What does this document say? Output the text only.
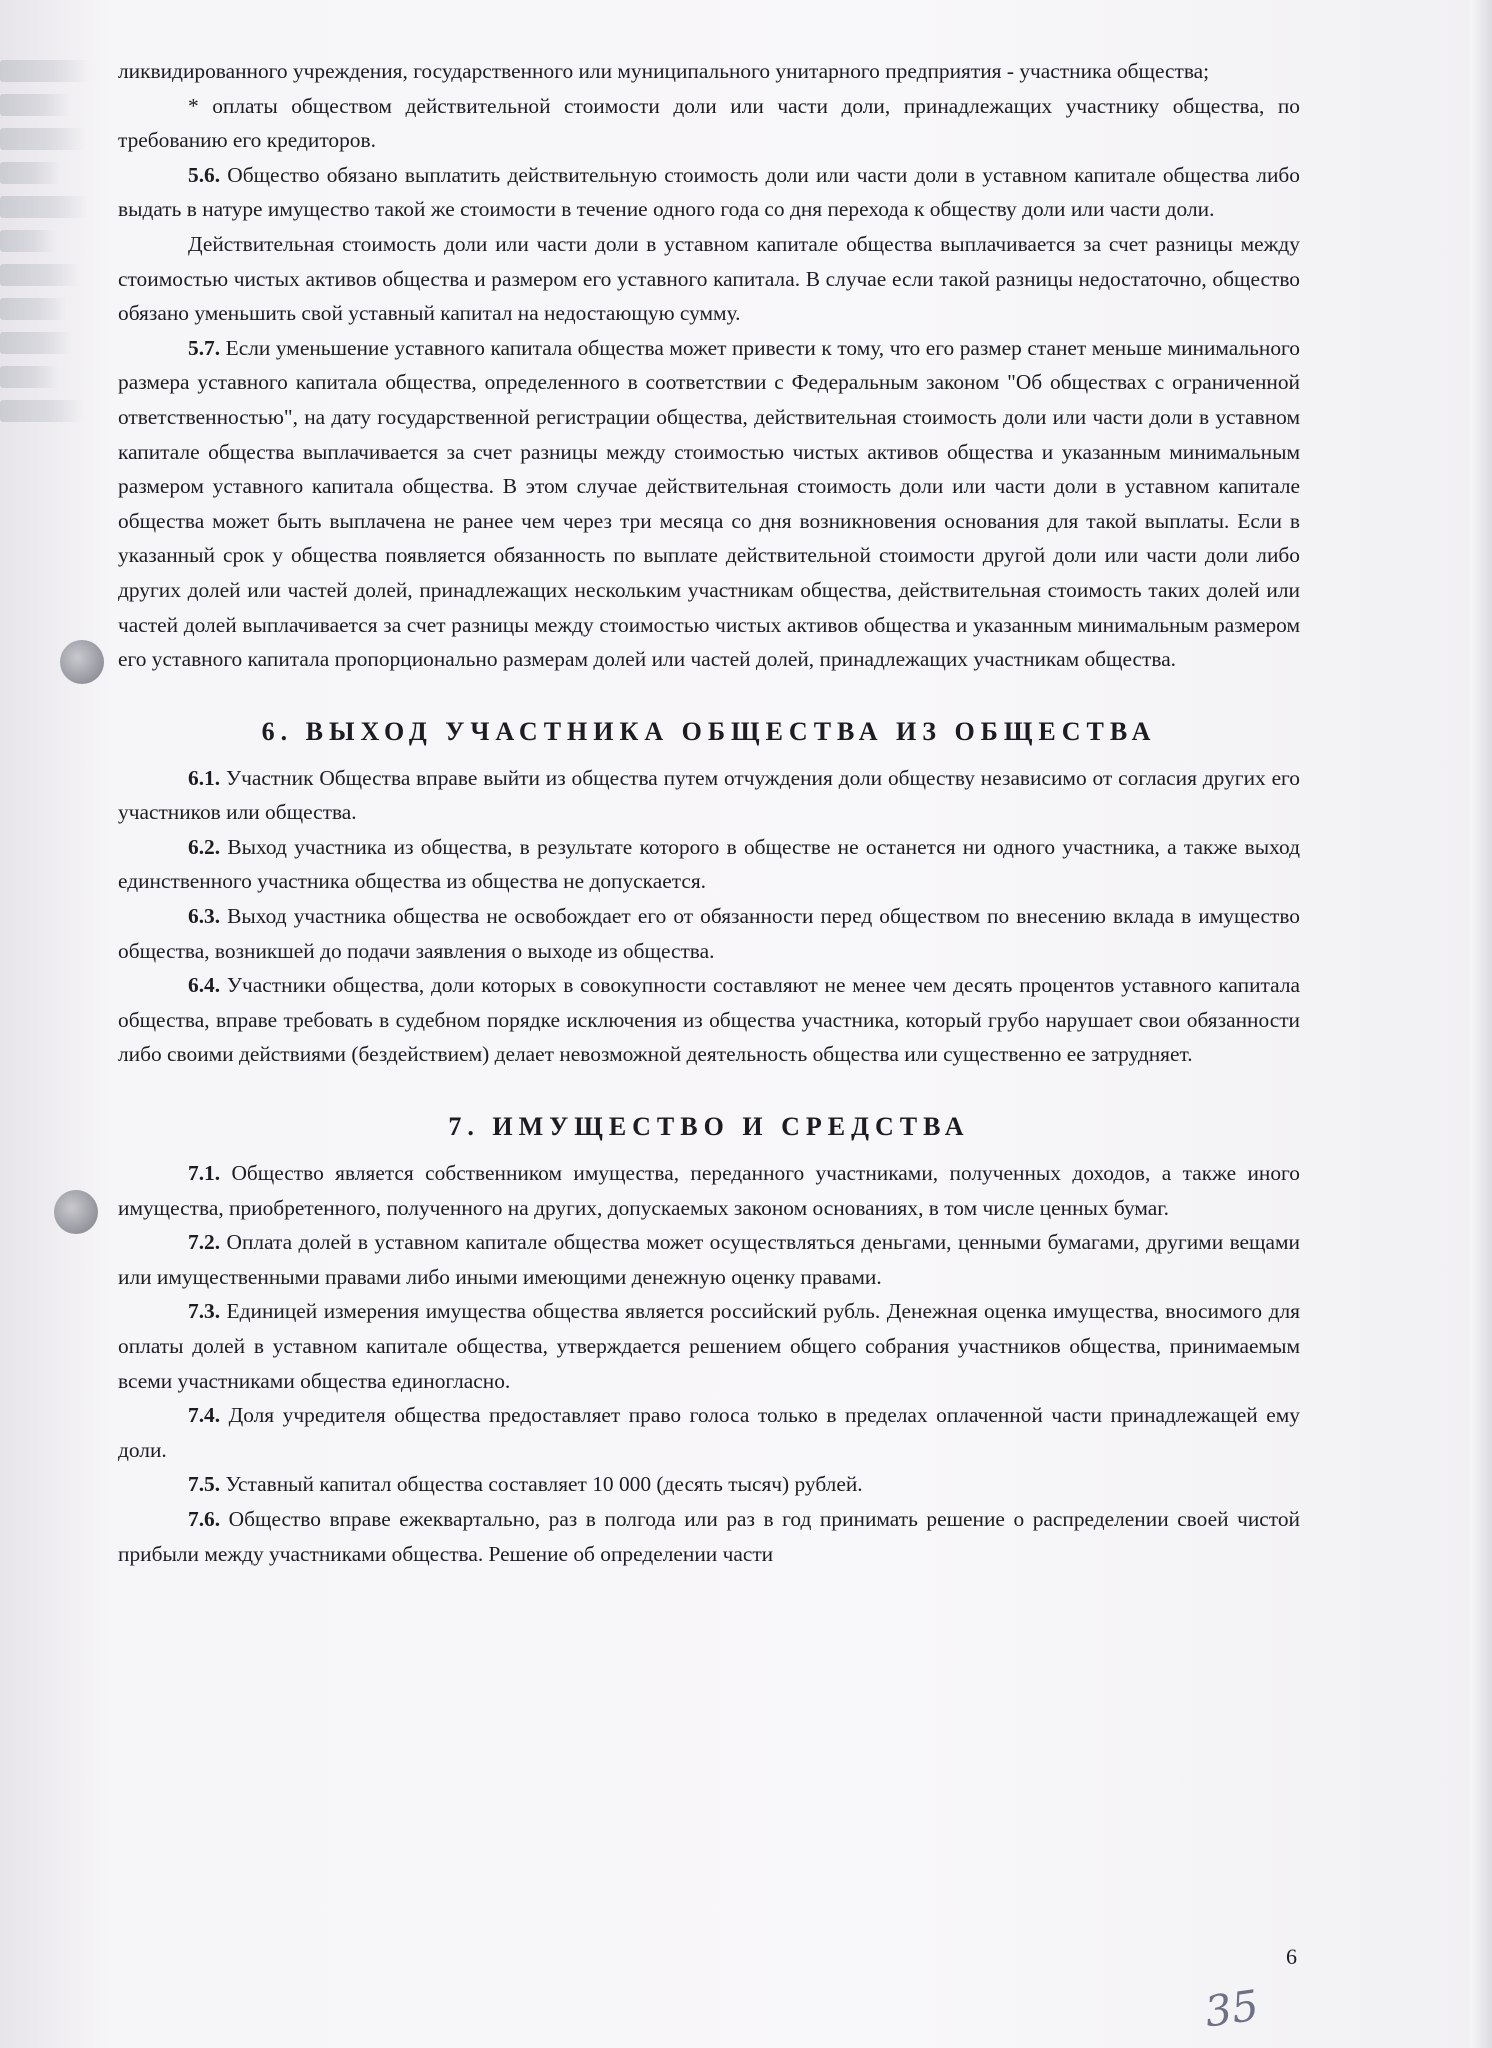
ликвидированного учреждения, государственного или муниципального унитарного предприятия - участника общества;

* оплаты обществом действительной стоимости доли или части доли, принадлежащих участнику общества, по требованию его кредиторов.

5.6. Общество обязано выплатить действительную стоимость доли или части доли в уставном капитале общества либо выдать в натуре имущество такой же стоимости в течение одного года со дня перехода к обществу доли или части доли.

Действительная стоимость доли или части доли в уставном капитале общества выплачивается за счет разницы между стоимостью чистых активов общества и размером его уставного капитала. В случае если такой разницы недостаточно, общество обязано уменьшить свой уставный капитал на недостающую сумму.

5.7. Если уменьшение уставного капитала общества может привести к тому, что его размер станет меньше минимального размера уставного капитала общества, определенного в соответствии с Федеральным законом "Об обществах с ограниченной ответственностью", на дату государственной регистрации общества, действительная стоимость доли или части доли в уставном капитале общества выплачивается за счет разницы между стоимостью чистых активов общества и указанным минимальным размером уставного капитала общества. В этом случае действительная стоимость доли или части доли в уставном капитале общества может быть выплачена не ранее чем через три месяца со дня возникновения основания для такой выплаты. Если в указанный срок у общества появляется обязанность по выплате действительной стоимости другой доли или части доли либо других долей или частей долей, принадлежащих нескольким участникам общества, действительная стоимость таких долей или частей долей выплачивается за счет разницы между стоимостью чистых активов общества и указанным минимальным размером его уставного капитала пропорционально размерам долей или частей долей, принадлежащих участникам общества.

6. ВЫХОД УЧАСТНИКА ОБЩЕСТВА ИЗ ОБЩЕСТВА

6.1. Участник Общества вправе выйти из общества путем отчуждения доли обществу независимо от согласия других его участников или общества.

6.2. Выход участника из общества, в результате которого в обществе не останется ни одного участника, а также выход единственного участника общества из общества не допускается.

6.3. Выход участника общества не освобождает его от обязанности перед обществом по внесению вклада в имущество общества, возникшей до подачи заявления о выходе из общества.

6.4. Участники общества, доли которых в совокупности составляют не менее чем десять процентов уставного капитала общества, вправе требовать в судебном порядке исключения из общества участника, который грубо нарушает свои обязанности либо своими действиями (бездействием) делает невозможной деятельность общества или существенно ее затрудняет.

7. ИМУЩЕСТВО И СРЕДСТВА

7.1. Общество является собственником имущества, переданного участниками, полученных доходов, а также иного имущества, приобретенного, полученного на других, допускаемых законом основаниях, в том числе ценных бумаг.

7.2. Оплата долей в уставном капитале общества может осуществляться деньгами, ценными бумагами, другими вещами или имущественными правами либо иными имеющими денежную оценку правами.

7.3. Единицей измерения имущества общества является российский рубль. Денежная оценка имущества, вносимого для оплаты долей в уставном капитале общества, утверждается решением общего собрания участников общества, принимаемым всеми участниками общества единогласно.

7.4. Доля учредителя общества предоставляет право голоса только в пределах оплаченной части принадлежащей ему доли.

7.5. Уставный капитал общества составляет 10 000 (десять тысяч) рублей.

7.6. Общество вправе ежеквартально, раз в полгода или раз в год принимать решение о распределении своей чистой прибыли между участниками общества. Решение об определении части

6
35
